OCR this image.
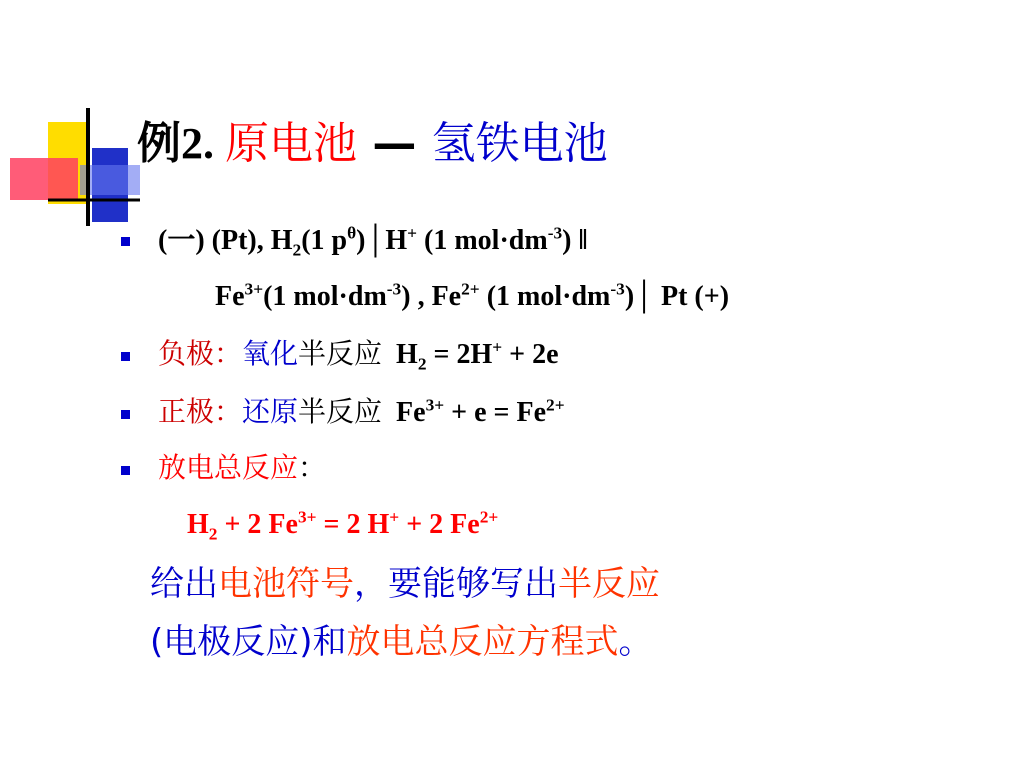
例2. 原电池 — 氢铁电池
(一) (Pt), $H_2(1$ $p^\theta)│H^+$ (1 $mol\cdot dm^{-3}$) ‖
$Fe^{3+}(1$ $mol\cdot dm^{-3}$) , $Fe^{2+}$ (1 $mol\cdot dm^{-3})│$ Pt (+)
负极：氧化半反应 $H_2 = 2H^+ + 2e$
正极：还原半反应 $Fe^{3+} + e = Fe^{2+}$
放电总反应：
$H_2 + 2$ $Fe^{3+} = 2$ H+ + 2 $Fe^{2+}$
给出电池符号，要能够写出半反应
(电极反应)和放电总反应方程式。
